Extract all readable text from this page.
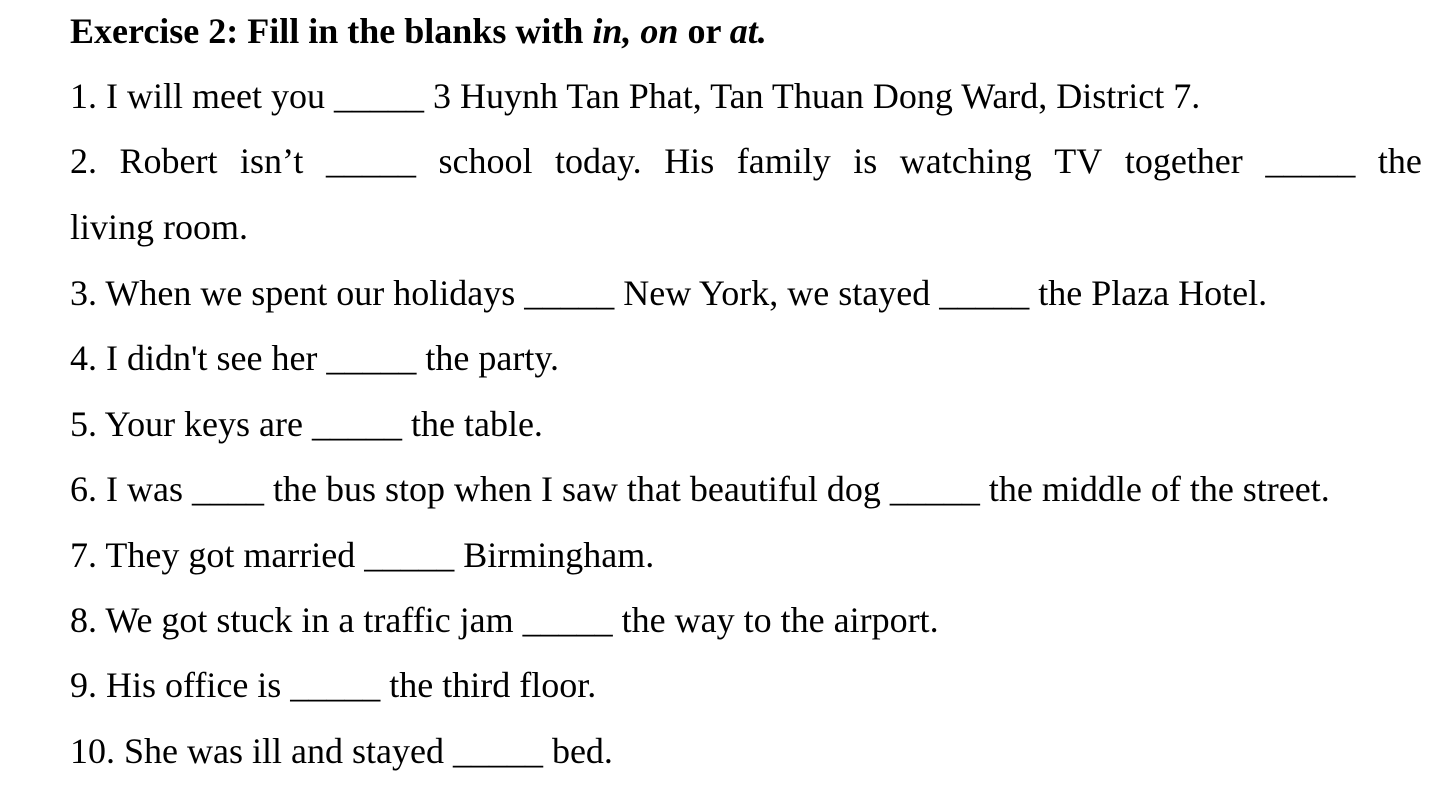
Exercise 2: Fill in the blanks with in, on or at.
1. I will meet you _____ 3 Huynh Tan Phat, Tan Thuan Dong Ward, District 7.
2. Robert isn’t _____ school today. His family is watching TV together _____ the
living room.
3. When we spent our holidays _____ New York, we stayed _____ the Plaza Hotel.
4. I didn't see her _____ the party.
5. Your keys are _____ the table.
6. I was ____ the bus stop when I saw that beautiful dog _____ the middle of the street.
7. They got married _____ Birmingham.
8. We got stuck in a traffic jam _____ the way to the airport.
9. His office is _____ the third floor.
10. She was ill and stayed _____ bed.
